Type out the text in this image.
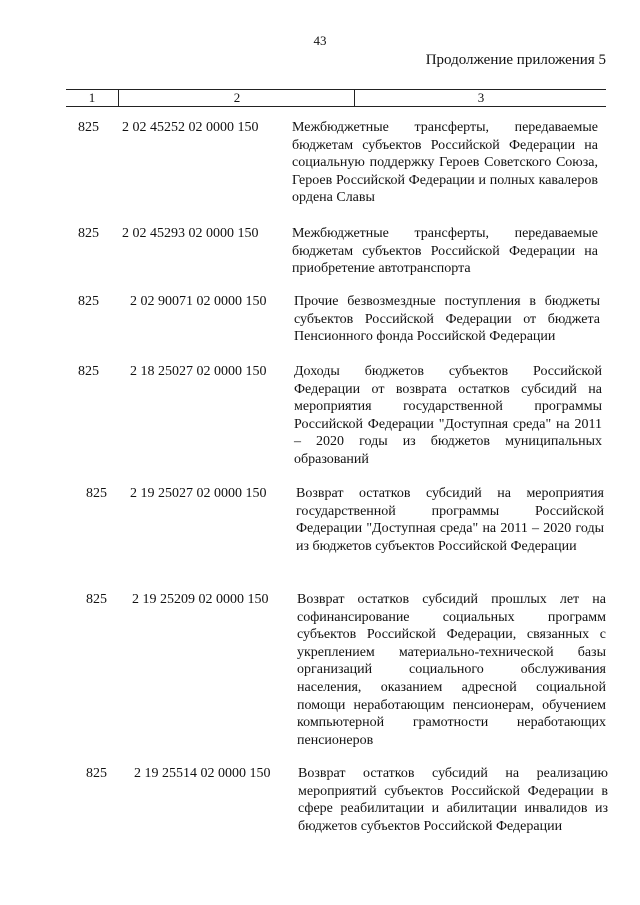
43
Продолжение приложения 5
1	2	3
825 2 02 45252 02 0000 150 Межбюджетные трансферты, передаваемые бюджетам субъектов Российской Федерации на социальную поддержку Героев Советского Союза, Героев Российской Федерации и полных кавалеров ордена Славы
825 2 02 45293 02 0000 150 Межбюджетные трансферты, передаваемые бюджетам субъектов Российской Федерации на приобретение автотранспорта
825 2 02 90071 02 0000 150 Прочие безвозмездные поступления в бюджеты субъектов Российской Федерации от бюджета Пенсионного фонда Российской Федерации
825 2 18 25027 02 0000 150 Доходы бюджетов субъектов Российской Федерации от возврата остатков субсидий на мероприятия государственной программы Российской Федерации "Доступная среда" на 2011 – 2020 годы из бюджетов муниципальных образований
825 2 19 25027 02 0000 150 Возврат остатков субсидий на мероприятия государственной программы Российской Федерации "Доступная среда" на 2011 – 2020 годы из бюджетов субъектов Российской Федерации
825 2 19 25209 02 0000 150 Возврат остатков субсидий прошлых лет на софинансирование социальных программ субъектов Российской Федерации, связанных с укреплением материально-технической базы организаций социального обслуживания населения, оказанием адресной социальной помощи неработающим пенсионерам, обучением компьютерной грамотности неработающих пенсионеров
825 2 19 25514 02 0000 150 Возврат остатков субсидий на реализацию мероприятий субъектов Российской Федерации в сфере реабилитации и абилитации инвалидов из бюджетов субъектов Российской Федерации
